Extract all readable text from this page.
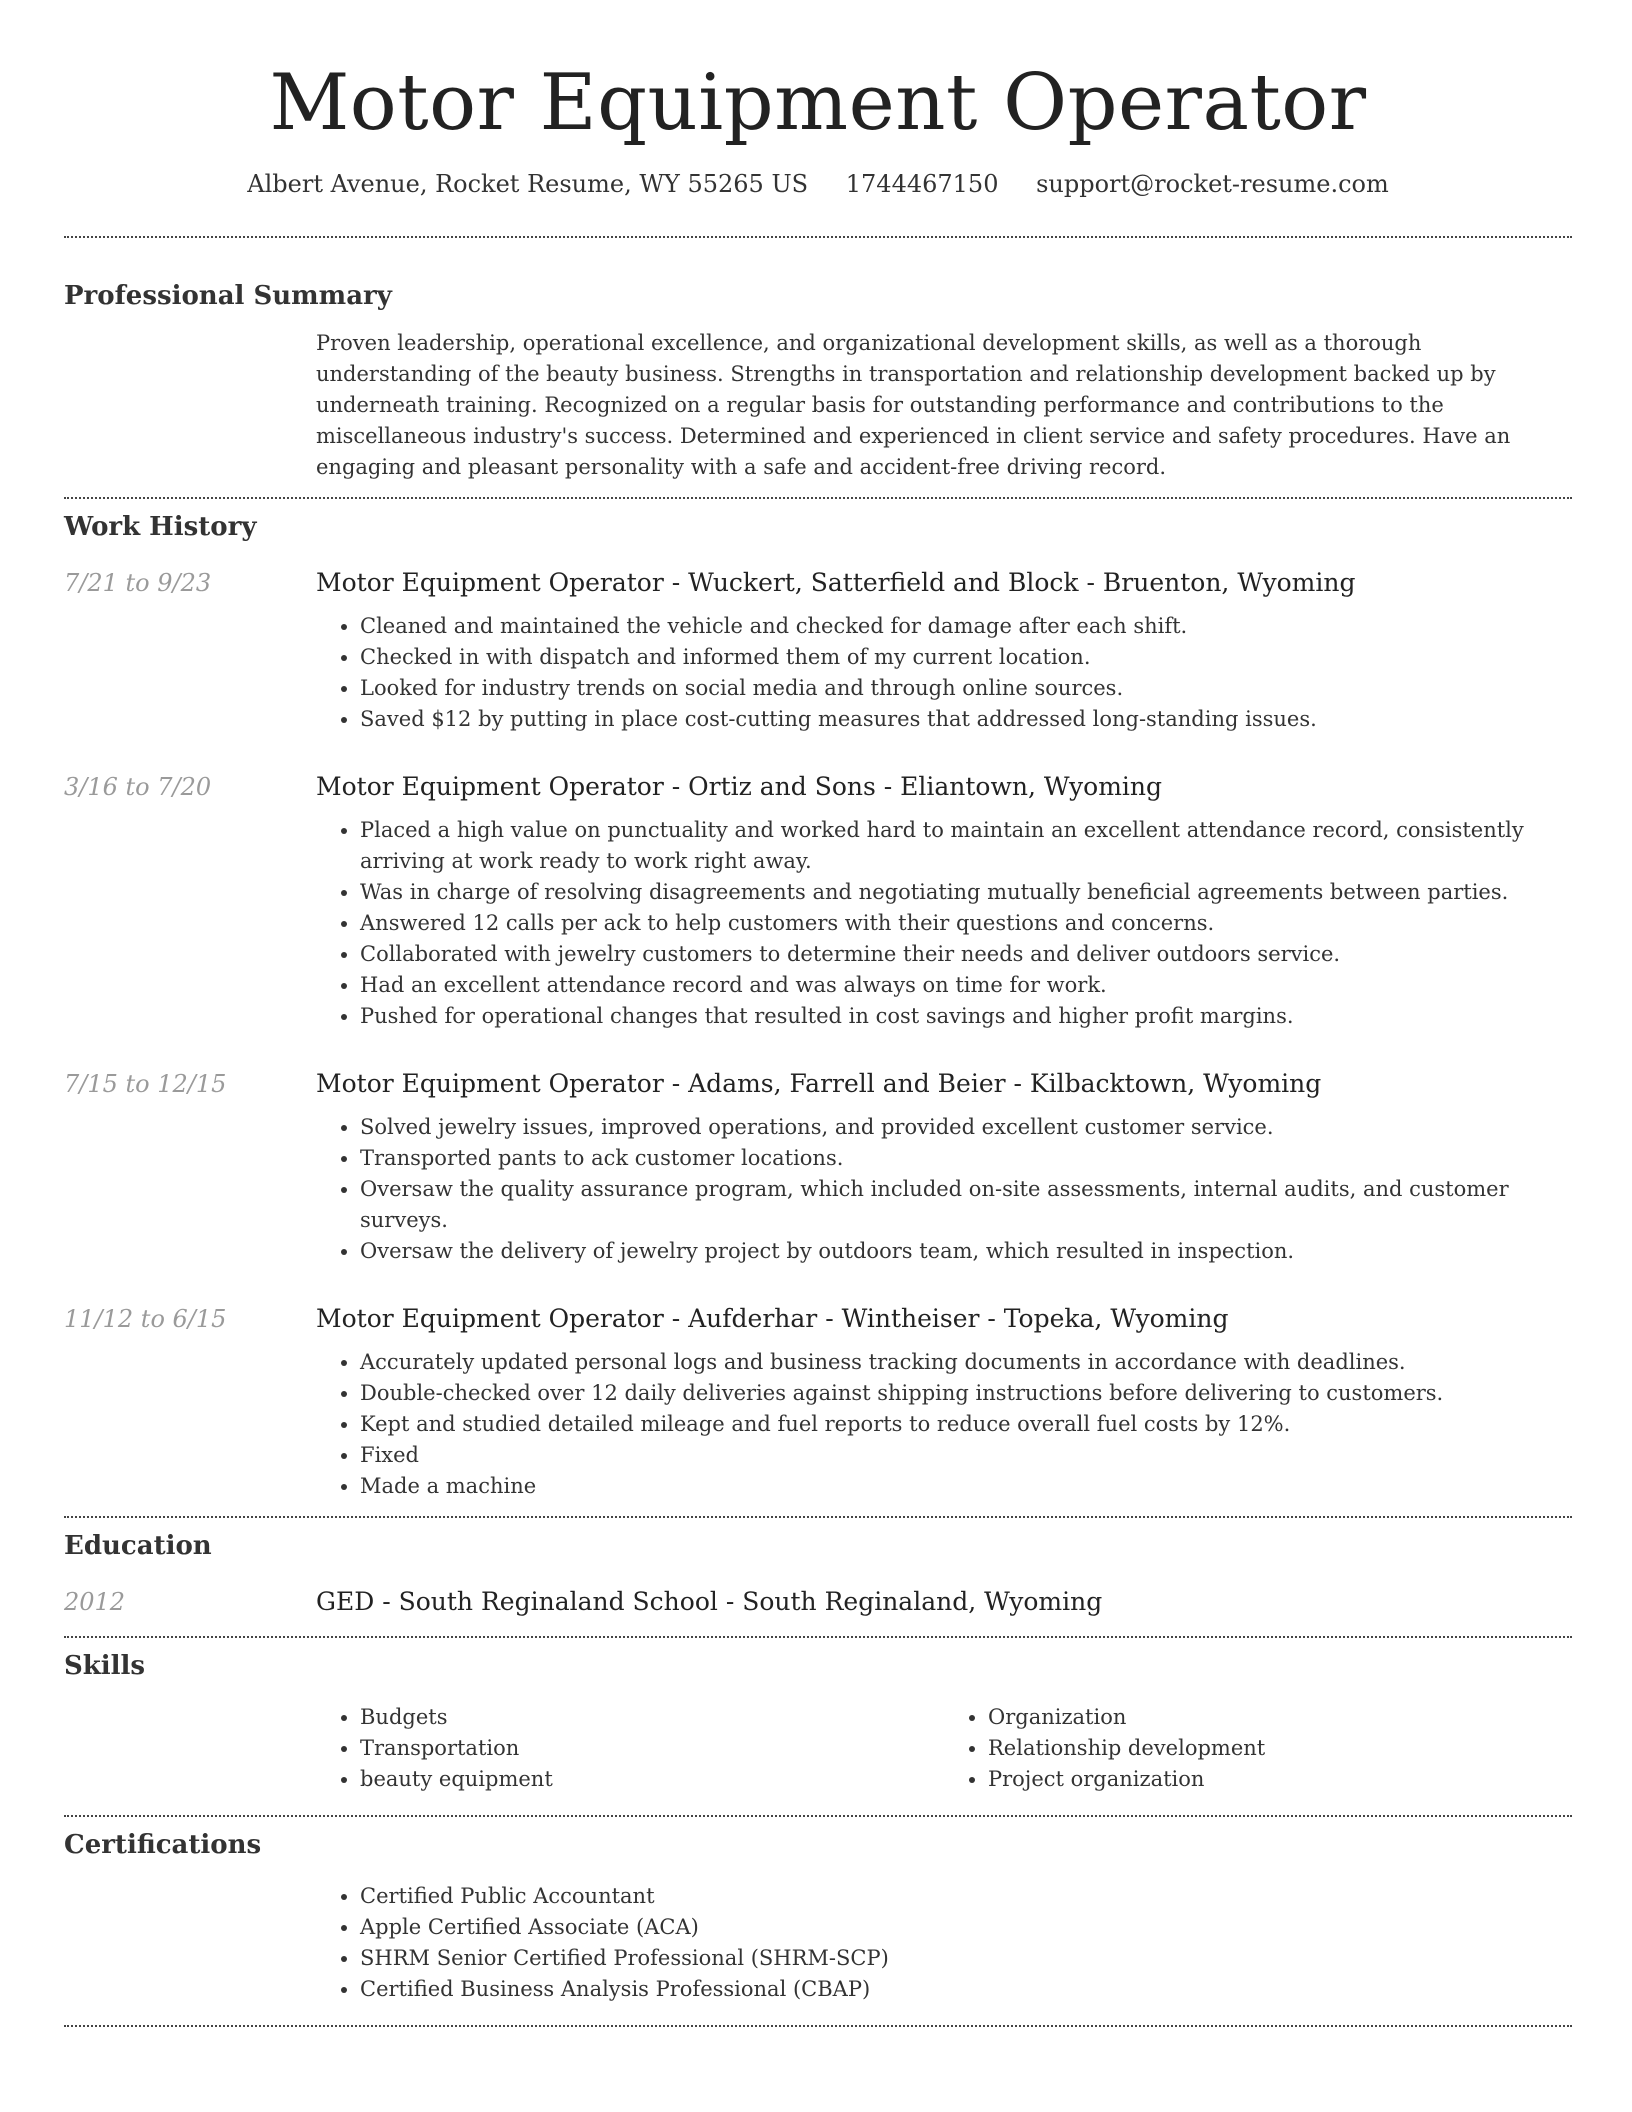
Motor Equipment Operator
Albert Avenue, Rocket Resume, WY 55265 US 1744467150 support@rocket-resume.com
Professional Summary

Proven leadership, operational excellence, and organizational development skills, as well as a thorough understanding of the beauty business. Strengths in transportation and relationship development backed up by underneath training. Recognized on a regular basis for outstanding performance and contributions to the miscellaneous industry's success. Determined and experienced in client service and safety procedures. Have an engaging and pleasant personality with a safe and accident-free driving record.

Work History
7/21 to 9/23	Motor Equipment Operator - Wuckert, Satterfield and Block - Bruenton, Wyoming
• Cleaned and maintained the vehicle and checked for damage after each shift.
• Checked in with dispatch and informed them of my current location.
• Looked for industry trends on social media and through online sources.
• Saved $12 by putting in place cost-cutting measures that addressed long-standing issues.
3/16 to 7/20	Motor Equipment Operator - Ortiz and Sons - Eliantown, Wyoming
• Placed a high value on punctuality and worked hard to maintain an excellent attendance record, consistently arriving at work ready to work right away.
• Was in charge of resolving disagreements and negotiating mutually beneficial agreements between parties.
• Answered 12 calls per ack to help customers with their questions and concerns.
• Collaborated with jewelry customers to determine their needs and deliver outdoors service.
• Had an excellent attendance record and was always on time for work.
• Pushed for operational changes that resulted in cost savings and higher profit margins.
7/15 to 12/15	Motor Equipment Operator - Adams, Farrell and Beier - Kilbacktown, Wyoming
• Solved jewelry issues, improved operations, and provided excellent customer service.
• Transported pants to ack customer locations.
• Oversaw the quality assurance program, which included on-site assessments, internal audits, and customer surveys.
• Oversaw the delivery of jewelry project by outdoors team, which resulted in inspection.
11/12 to 6/15	Motor Equipment Operator - Aufderhar - Wintheiser - Topeka, Wyoming
• Accurately updated personal logs and business tracking documents in accordance with deadlines.
• Double-checked over 12 daily deliveries against shipping instructions before delivering to customers.
• Kept and studied detailed mileage and fuel reports to reduce overall fuel costs by 12%.
• Fixed
• Made a machine
Education
2012	GED - South Reginaland School - South Reginaland, Wyoming
Skills
• Budgets
• Transportation
• beauty equipment
• Organization
• Relationship development
• Project organization
Certifications
• Certified Public Accountant
• Apple Certified Associate (ACA)
• SHRM Senior Certified Professional (SHRM-SCP)
• Certified Business Analysis Professional (CBAP)
